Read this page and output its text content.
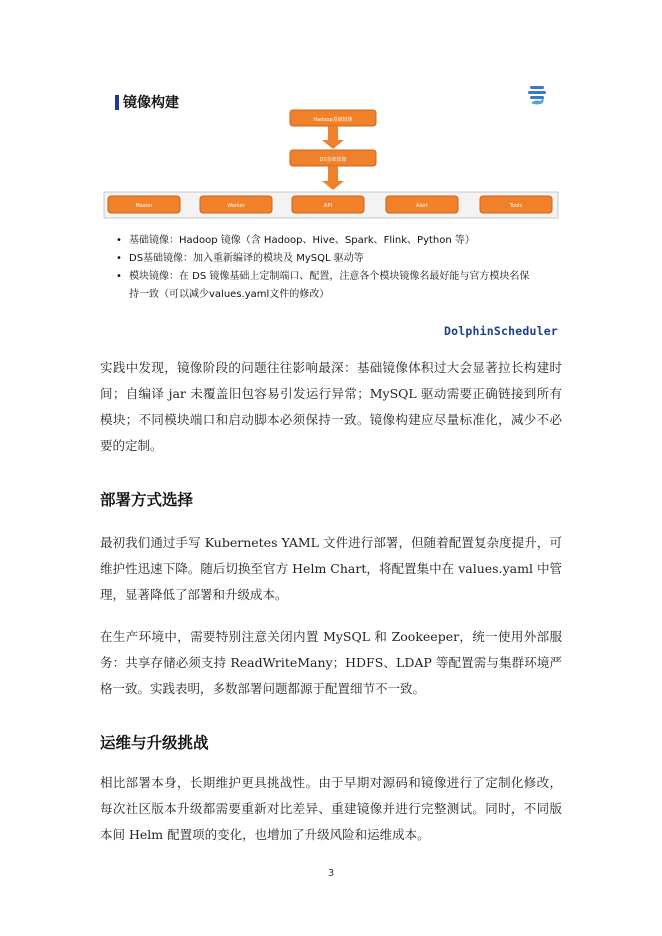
镜像构建
Hadoop基础镜像
DS基础镜像
Master	Worker	API	Alert	Tools
• 基础镜像：Hadoop 镜像（含 Hadoop、Hive、Spark、Flink、Python 等）
• DS基础镜像：加入重新编译的模块及 MySQL 驱动等
• 模块镜像：在 DS 镜像基础上定制端口、配置，注意各个模块镜像名最好能与官方模块名保持一致（可以减少values.yaml文件的修改）
DolphinScheduler

实践中发现，镜像阶段的问题往往影响最深：基础镜像体积过大会显著拉长构建时间；自编译 jar 未覆盖旧包容易引发运行异常；MySQL 驱动需要正确链接到所有模块；不同模块端口和启动脚本必须保持一致。镜像构建应尽量标准化，减少不必要的定制。

部署方式选择

最初我们通过手写 Kubernetes YAML 文件进行部署，但随着配置复杂度提升，可维护性迅速下降。随后切换至官方 Helm Chart，将配置集中在 values.yaml 中管理，显著降低了部署和升级成本。

在生产环境中，需要特别注意关闭内置 MySQL 和 Zookeeper，统一使用外部服务：共享存储必须支持 ReadWriteMany；HDFS、LDAP 等配置需与集群环境严格一致。实践表明，多数部署问题都源于配置细节不一致。

运维与升级挑战

相比部署本身，长期维护更具挑战性。由于早期对源码和镜像进行了定制化修改，每次社区版本升级都需要重新对比差异、重建镜像并进行完整测试。同时，不同版本间 Helm 配置项的变化，也增加了升级风险和运维成本。

3
